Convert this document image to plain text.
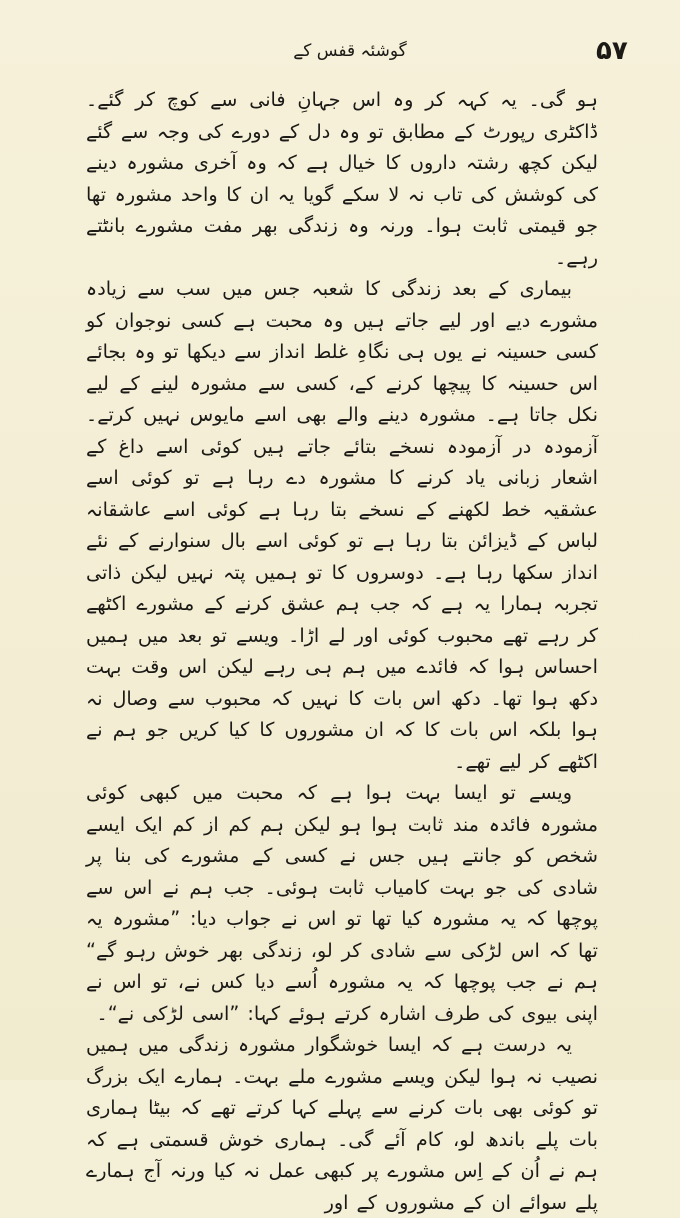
۵۷
گوشئہ قفس کے

ہو گی۔ یہ کہہ کر وہ اس جہانِ فانی سے کوچ کر گئے۔ ڈاکٹری رپورٹ کے مطابق تو وہ دل کے دورے کی وجہ سے گئے لیکن کچھ رشتہ داروں کا خیال ہے کہ وہ آخری مشورہ دینے کی کوشش کی تاب نہ لا سکے گویا یہ ان کا واحد مشورہ تھا جو قیمتی ثابت ہوا۔ ورنہ وہ زندگی بھر مفت مشورے بانٹتے رہے۔

بیماری کے بعد زندگی کا شعبہ جس میں سب سے زیادہ مشورے دیے اور لیے جاتے ہیں وہ محبت ہے کسی نوجوان کو کسی حسینہ نے یوں ہی نگاہِ غلط انداز سے دیکھا تو وہ بجائے اس حسینہ کا پیچھا کرنے کے، کسی سے مشورہ لینے کے لیے نکل جاتا ہے۔ مشورہ دینے والے بھی اسے مایوس نہیں کرتے۔ آزمودہ در آزمودہ نسخے بتائے جاتے ہیں کوئی اسے داغ کے اشعار زبانی یاد کرنے کا مشورہ دے رہا ہے تو کوئی اسے عشقیہ خط لکھنے کے نسخے بتا رہا ہے کوئی اسے عاشقانہ لباس کے ڈیزائن بتا رہا ہے تو کوئی اسے بال سنوارنے کے نئے انداز سکھا رہا ہے۔ دوسروں کا تو ہمیں پتہ نہیں لیکن ذاتی تجربہ ہمارا یہ ہے کہ جب ہم عشق کرنے کے مشورے اکٹھے کر رہے تھے محبوب کوئی اور لے اڑا۔ ویسے تو بعد میں ہمیں احساس ہوا کہ فائدے میں ہم ہی رہے لیکن اس وقت بہت دکھ ہوا تھا۔ دکھ اس بات کا نہیں کہ محبوب سے وصال نہ ہوا بلکہ اس بات کا کہ ان مشوروں کا کیا کریں جو ہم نے اکٹھے کر لیے تھے۔

ویسے تو ایسا بہت ہوا ہے کہ محبت میں کبھی کوئی مشورہ فائدہ مند ثابت ہوا ہو لیکن ہم کم از کم ایک ایسے شخص کو جانتے ہیں جس نے کسی کے مشورے کی بنا پر شادی کی جو بہت کامیاب ثابت ہوئی۔ جب ہم نے اس سے پوچھا کہ یہ مشورہ کیا تھا تو اس نے جواب دیا: ”مشورہ یہ تھا کہ اس لڑکی سے شادی کر لو، زندگی بھر خوش رہو گے“ ہم نے جب پوچھا کہ یہ مشورہ اُسے دیا کس نے، تو اس نے اپنی بیوی کی طرف اشارہ کرتے ہوئے کہا: ”اسی لڑکی نے“۔

یہ درست ہے کہ ایسا خوشگوار مشورہ زندگی میں ہمیں نصیب نہ ہوا لیکن ویسے مشورے ملے بہت۔ ہمارے ایک بزرگ تو کوئی بھی بات کرنے سے پہلے کہا کرتے تھے کہ بیٹا ہماری بات پلے باندھ لو، کام آئے گی۔ ہماری خوش قسمتی ہے کہ ہم نے اُن کے اِس مشورے پر کبھی عمل نہ کیا ورنہ آج ہمارے پلے سوائے ان کے مشوروں کے اور
